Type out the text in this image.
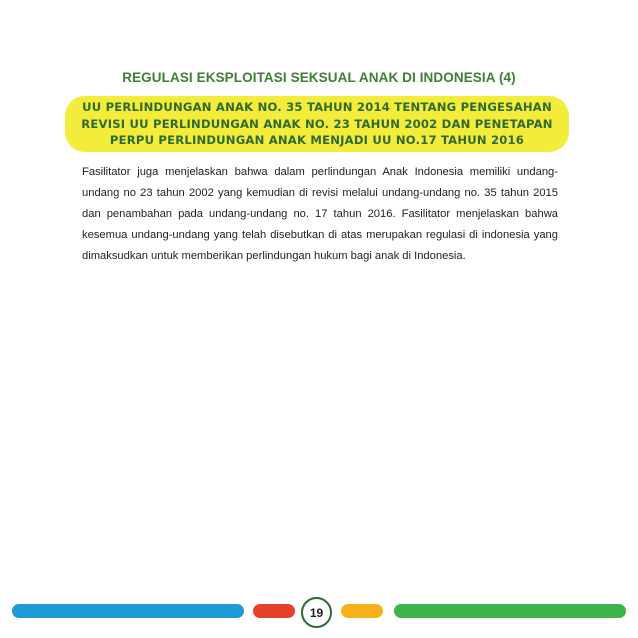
REGULASI EKSPLOITASI SEKSUAL ANAK DI INDONESIA (4)
UU PERLINDUNGAN ANAK NO. 35 TAHUN 2014 TENTANG PENGESAHAN
REVISI UU PERLINDUNGAN ANAK NO. 23 TAHUN 2002 DAN PENETAPAN
PERPU PERLINDUNGAN ANAK MENJADI UU NO.17 TAHUN 2016

Fasilitator juga menjelaskan bahwa dalam perlindungan Anak Indonesia memiliki undang-undang no 23 tahun 2002 yang kemudian di revisi melalui undang-undang no. 35 tahun 2015 dan penambahan pada undang-undang no. 17 tahun 2016. Fasilitator menjelaskan bahwa kesemua undang-undang yang telah disebutkan di atas merupakan regulasi di indonesia yang dimaksudkan untuk memberikan perlindungan hukum bagi anak di Indonesia.

19
